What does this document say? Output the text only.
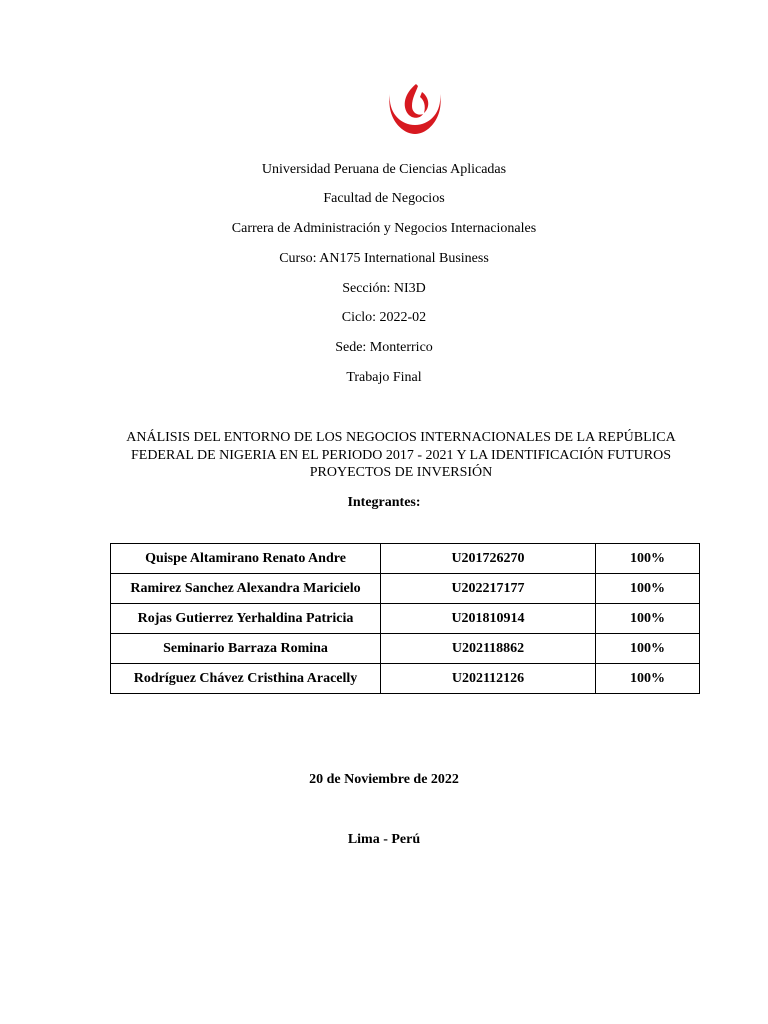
Universidad Peruana de Ciencias Aplicadas
Facultad de Negocios
Carrera de Administración y Negocios Internacionales
Curso: AN175 International Business
Sección: NI3D
Ciclo: 2022-02
Sede: Monterrico
Trabajo Final
ANÁLISIS DEL ENTORNO DE LOS NEGOCIOS INTERNACIONALES DE LA REPÚBLICA
FEDERAL DE NIGERIA EN EL PERIODO 2017 - 2021 Y LA IDENTIFICACIÓN FUTUROS
PROYECTOS DE INVERSIÓN
Integrantes:
Quispe Altamirano Renato Andre	U201726270	100%
Ramirez Sanchez Alexandra Maricielo	U202217177	100%
Rojas Gutierrez Yerhaldina Patricia	U201810914	100%
Seminario Barraza Romina	U202118862	100%
Rodríguez Chávez Cristhina Aracelly	U202112126	100%
20 de Noviembre de 2022
Lima - Perú
